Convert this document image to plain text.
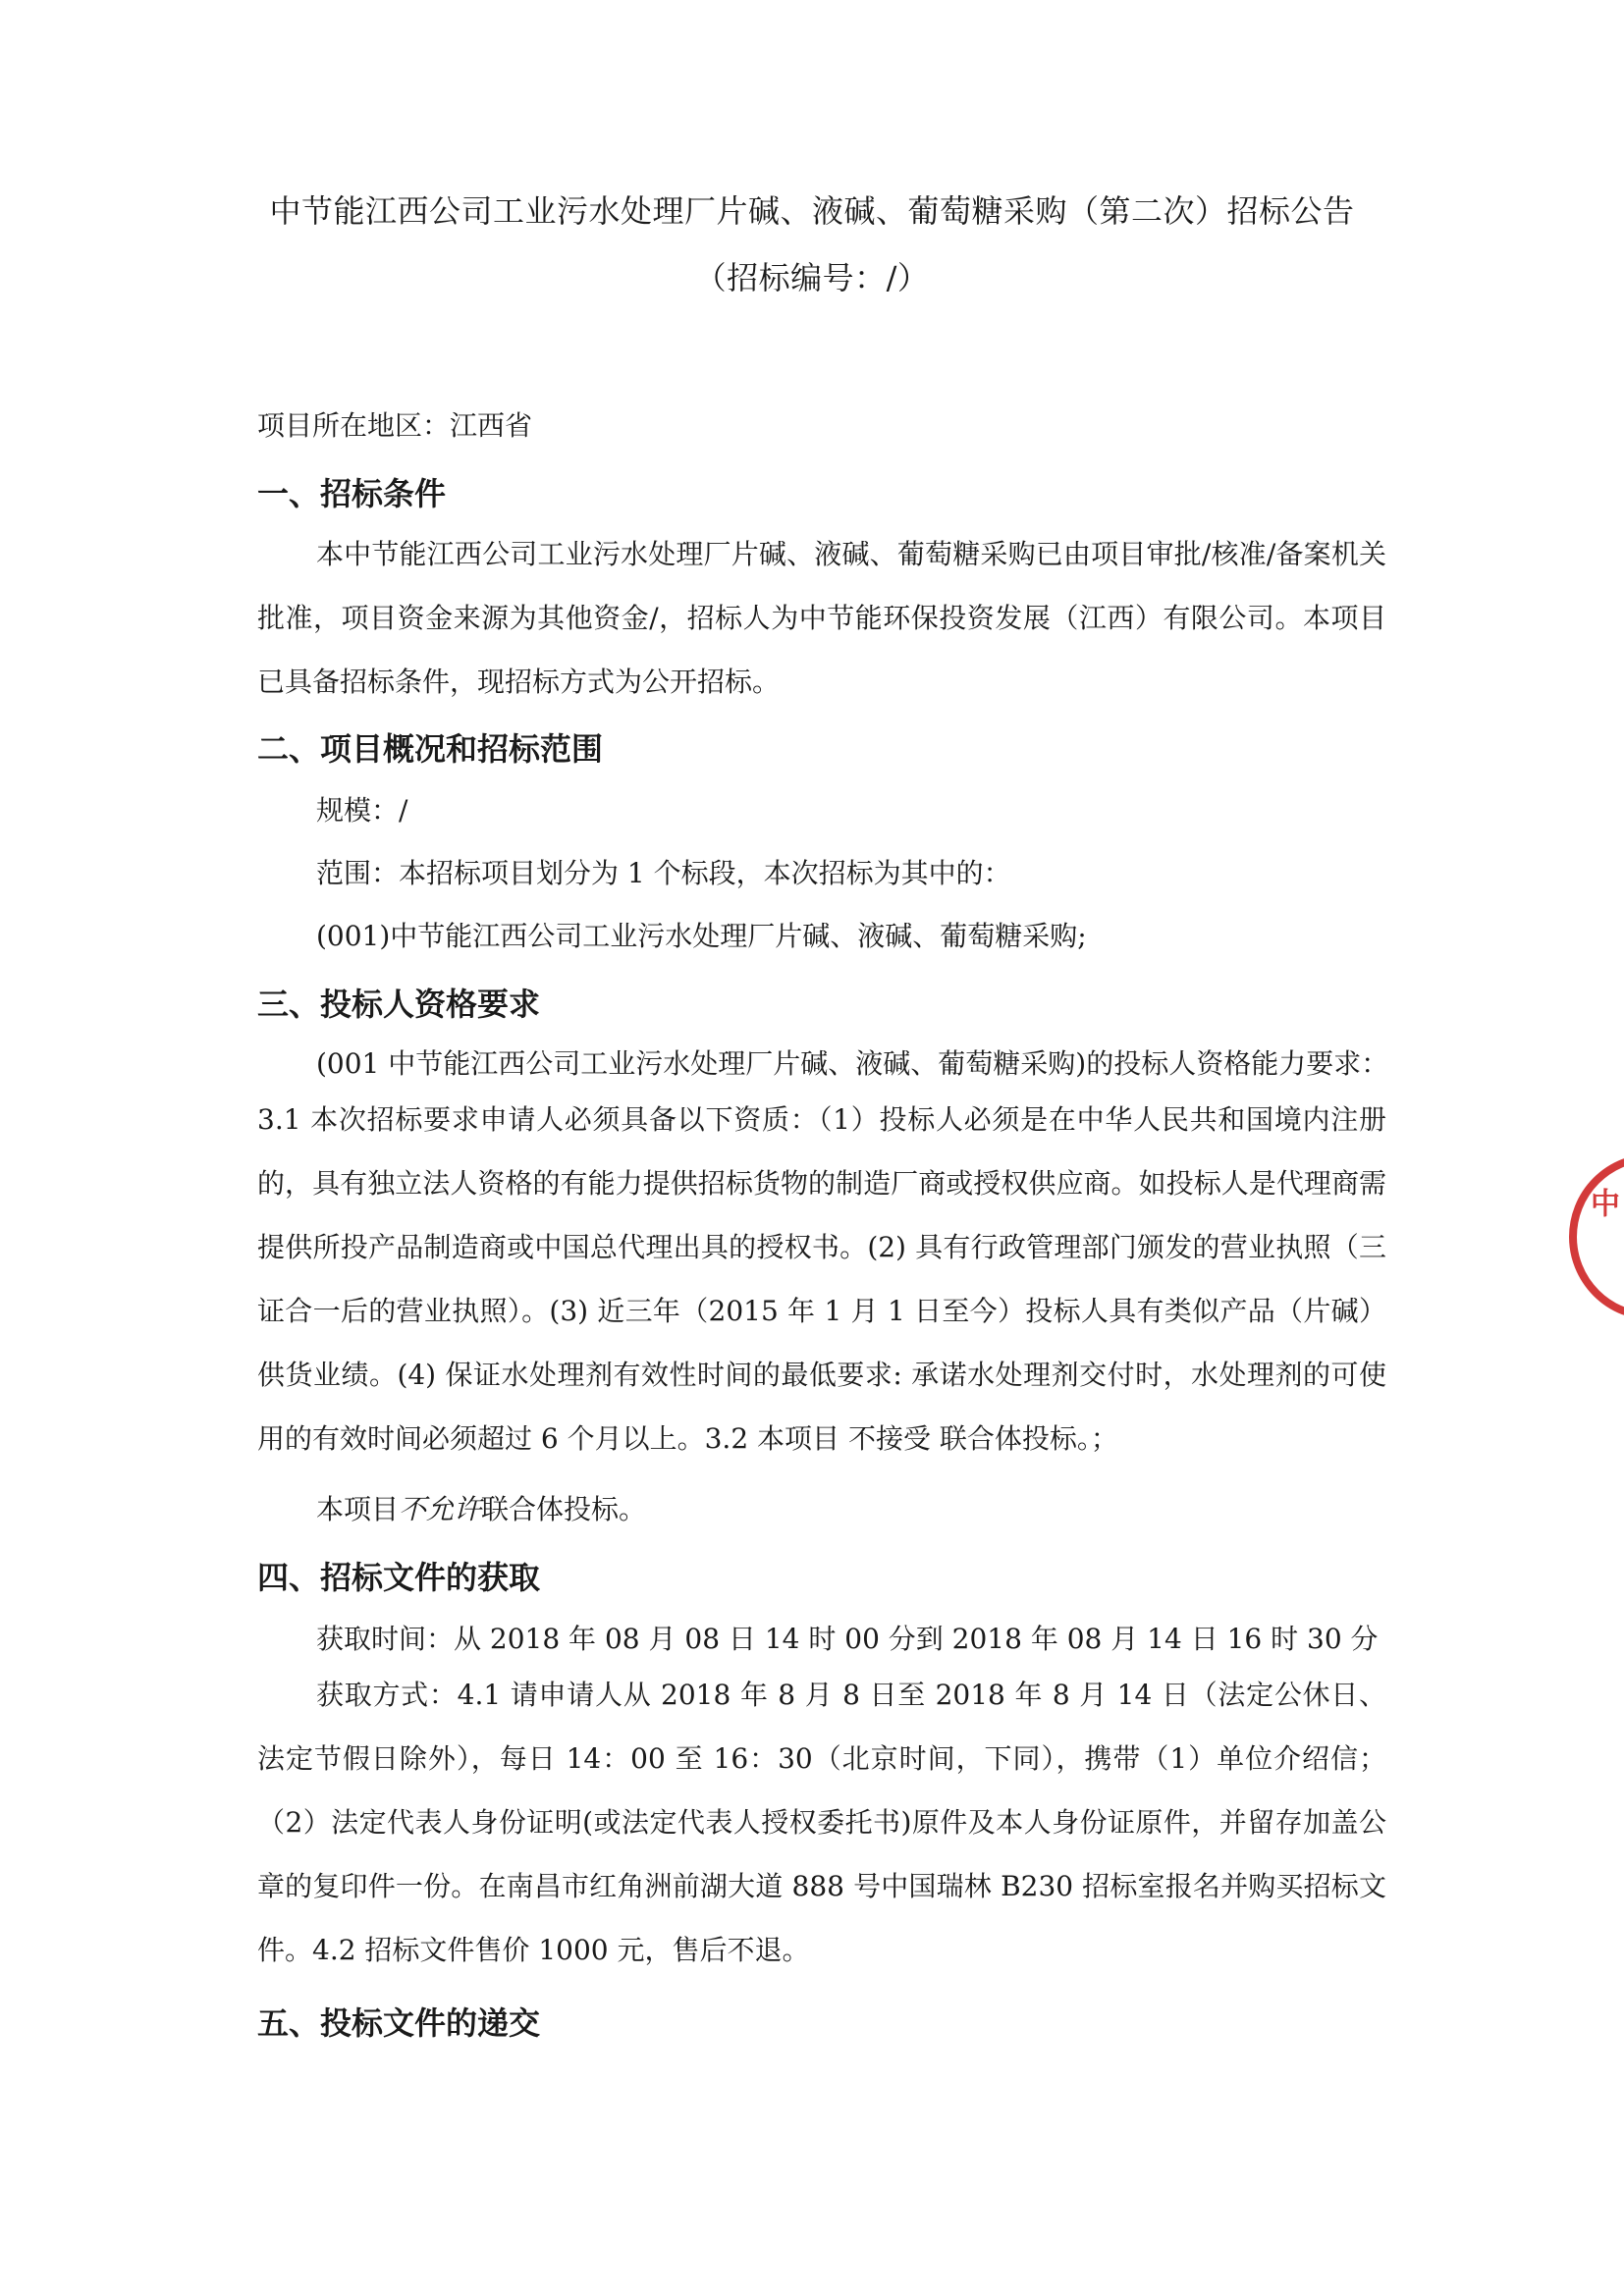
中节能江西公司工业污水处理厂片碱、液碱、葡萄糖采购（第二次）招标公告
（招标编号：/）
项目所在地区：江西省
一、招标条件
本中节能江西公司工业污水处理厂片碱、液碱、葡萄糖采购已由项目审批/核准/备案机关批准，项目资金来源为其他资金/，招标人为中节能环保投资发展（江西）有限公司。本项目已具备招标条件，现招标方式为公开招标。
二、项目概况和招标范围
规模：/
范围：本招标项目划分为 1 个标段，本次招标为其中的：
(001)中节能江西公司工业污水处理厂片碱、液碱、葡萄糖采购;
三、投标人资格要求
(001 中节能江西公司工业污水处理厂片碱、液碱、葡萄糖采购)的投标人资格能力要求：
3.1 本次招标要求申请人必须具备以下资质：（1）投标人必须是在中华人民共和国境内注册的，具有独立法人资格的有能力提供招标货物的制造厂商或授权供应商。如投标人是代理商需提供所投产品制造商或中国总代理出具的授权书。(2) 具有行政管理部门颁发的营业执照（三证合一后的营业执照）。(3) 近三年（2015 年 1 月 1 日至今）投标人具有类似产品（片碱）供货业绩。(4) 保证水处理剂有效性时间的最低要求: 承诺水处理剂交付时，水处理剂的可使用的有效时间必须超过 6 个月以上。3.2 本项目 不接受 联合体投标。；
本项目不允许联合体投标。
四、招标文件的获取
获取时间：从 2018 年 08 月 08 日 14 时 00 分到 2018 年 08 月 14 日 16 时 30 分
获取方式：4.1 请申请人从 2018 年 8 月 8 日至 2018 年 8 月 14 日（法定公休日、法定节假日除外），每日 14：00 至 16：30（北京时间，下同），携带（1）单位介绍信；（2）法定代表人身份证明(或法定代表人授权委托书)原件及本人身份证原件，并留存加盖公章的复印件一份。在南昌市红角洲前湖大道 888 号中国瑞林 B230 招标室报名并购买招标文件。4.2 招标文件售价 1000 元，售后不退。
五、投标文件的递交
中
